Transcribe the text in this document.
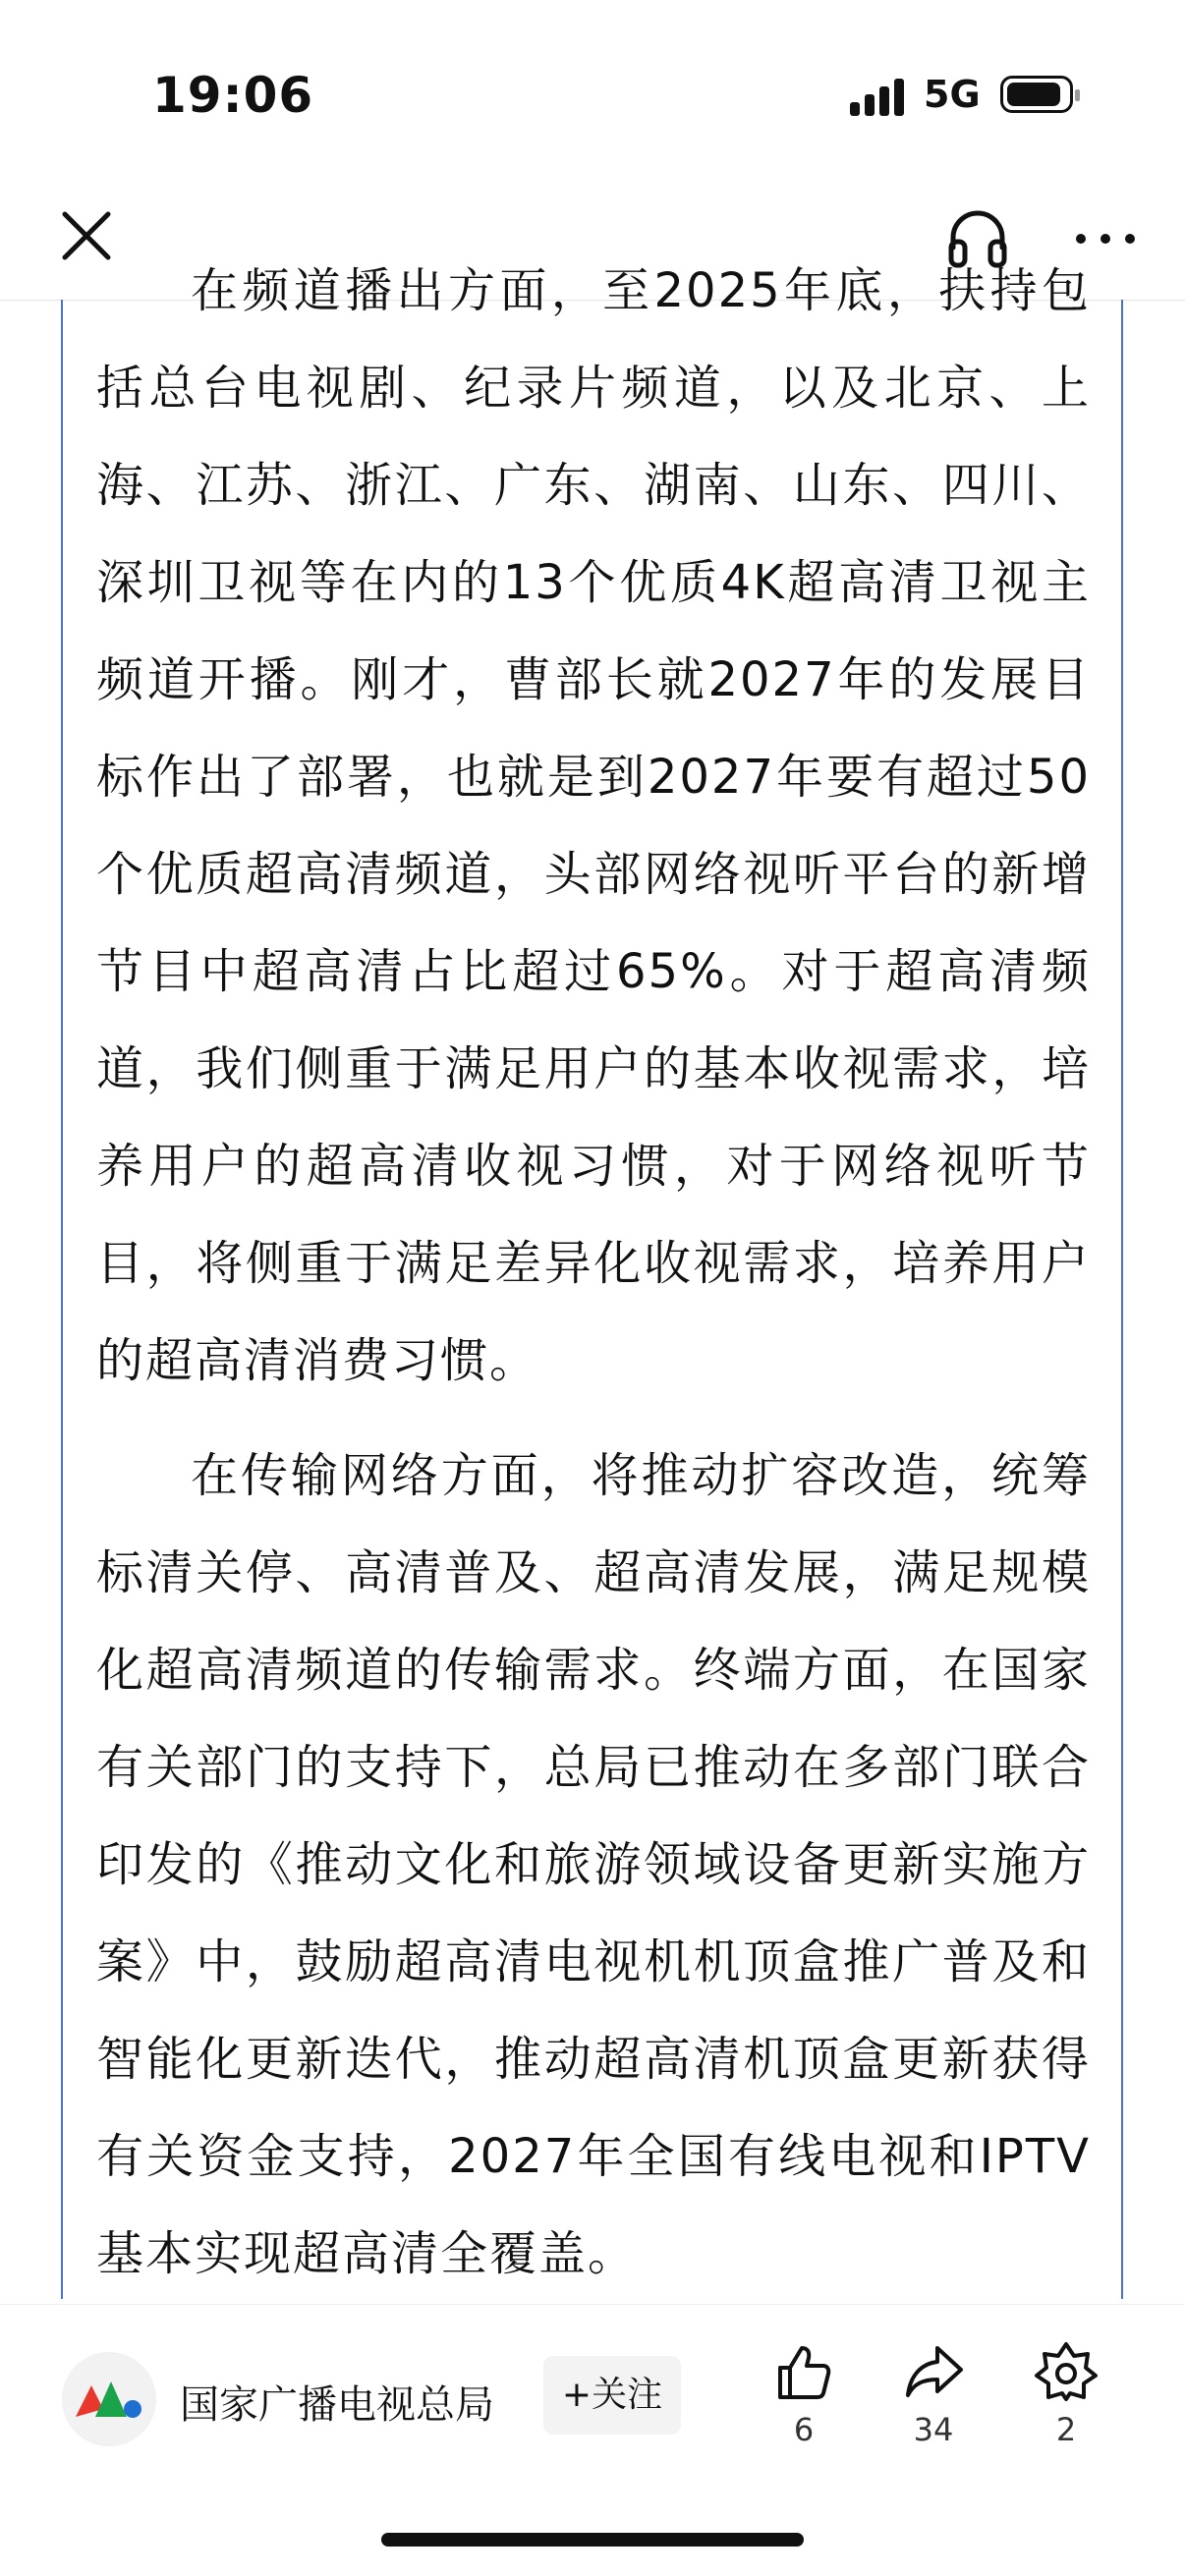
19:06	5G

在频道播出方面，至2025年底，扶持包括总台电视剧、纪录片频道，以及北京、上海、江苏、浙江、广东、湖南、山东、四川、深圳卫视等在内的13个优质4K超高清卫视主频道开播。刚才，曹部长就2027年的发展目标作出了部署，也就是到2027年要有超过50个优质超高清频道，头部网络视听平台的新增节目中超高清占比超过65%。对于超高清频道，我们侧重于满足用户的基本收视需求，培养用户的超高清收视习惯，对于网络视听节目，将侧重于满足差异化收视需求，培养用户的超高清消费习惯。

在传输网络方面，将推动扩容改造，统筹标清关停、高清普及、超高清发展，满足规模化超高清频道的传输需求。终端方面，在国家有关部门的支持下，总局已推动在多部门联合印发的《推动文化和旅游领域设备更新实施方案》中，鼓励超高清电视机机顶盒推广普及和智能化更新迭代，推动超高清机顶盒更新获得有关资金支持，2027年全国有线电视和IPTV基本实现超高清全覆盖。

国家广播电视总局	+关注
6	34	2
